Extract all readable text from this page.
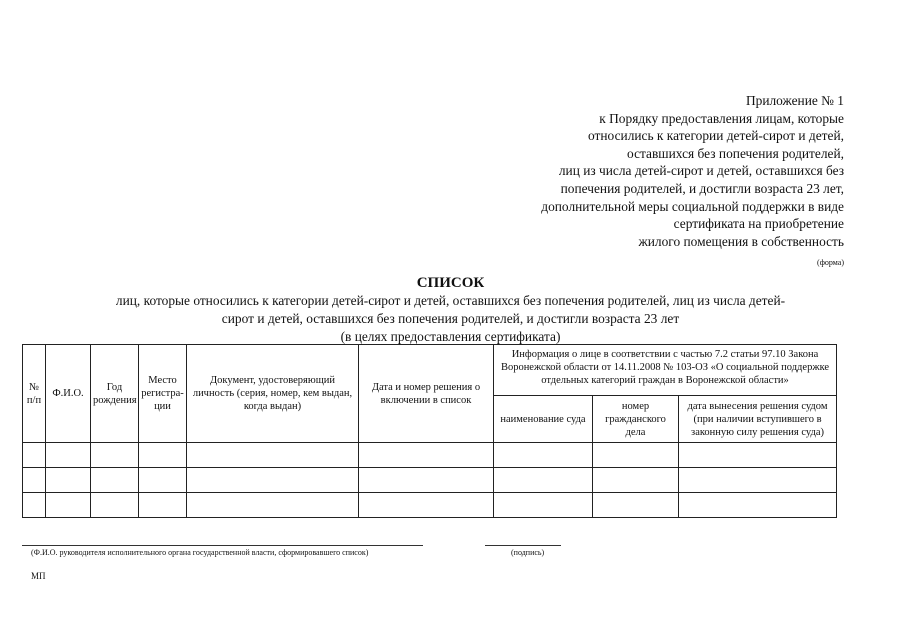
Приложение № 1
к Порядку предоставления лицам, которые
относились к категории детей-сирот и детей,
оставшихся без попечения родителей,
лиц из числа детей-сирот и детей, оставшихся без
попечения родителей, и достигли возраста 23 лет,
дополнительной меры социальной поддержки в виде
сертификата на приобретение
жилого помещения в собственность
(форма)
СПИСОК
лиц, которые относились к категории детей-сирот и детей, оставшихся без попечения родителей, лиц из числа детей-
сирот и детей, оставшихся без попечения родителей, и достигли возраста 23 лет
(в целях предоставления сертификата)
№ п/п	Ф.И.О.	Год рождения	Место регистра-ции	Документ, удостоверяющий личность (серия, номер, кем выдан, когда выдан)	Дата и номер решения о включении в список	Информация о лице в соответствии с частью 7.2 статьи 97.10 Закона Воронежской области от 14.11.2008 № 103-ОЗ «О социальной поддержке отдельных категорий граждан в Воронежской области»		
						наименование суда	номер гражданского дела	дата вынесения решения судом (при наличии вступившего в законную силу решения суда)

(Ф.И.О. руководителя исполнительного органа государственной власти, сформировавшего список)	(подпись)
МП
